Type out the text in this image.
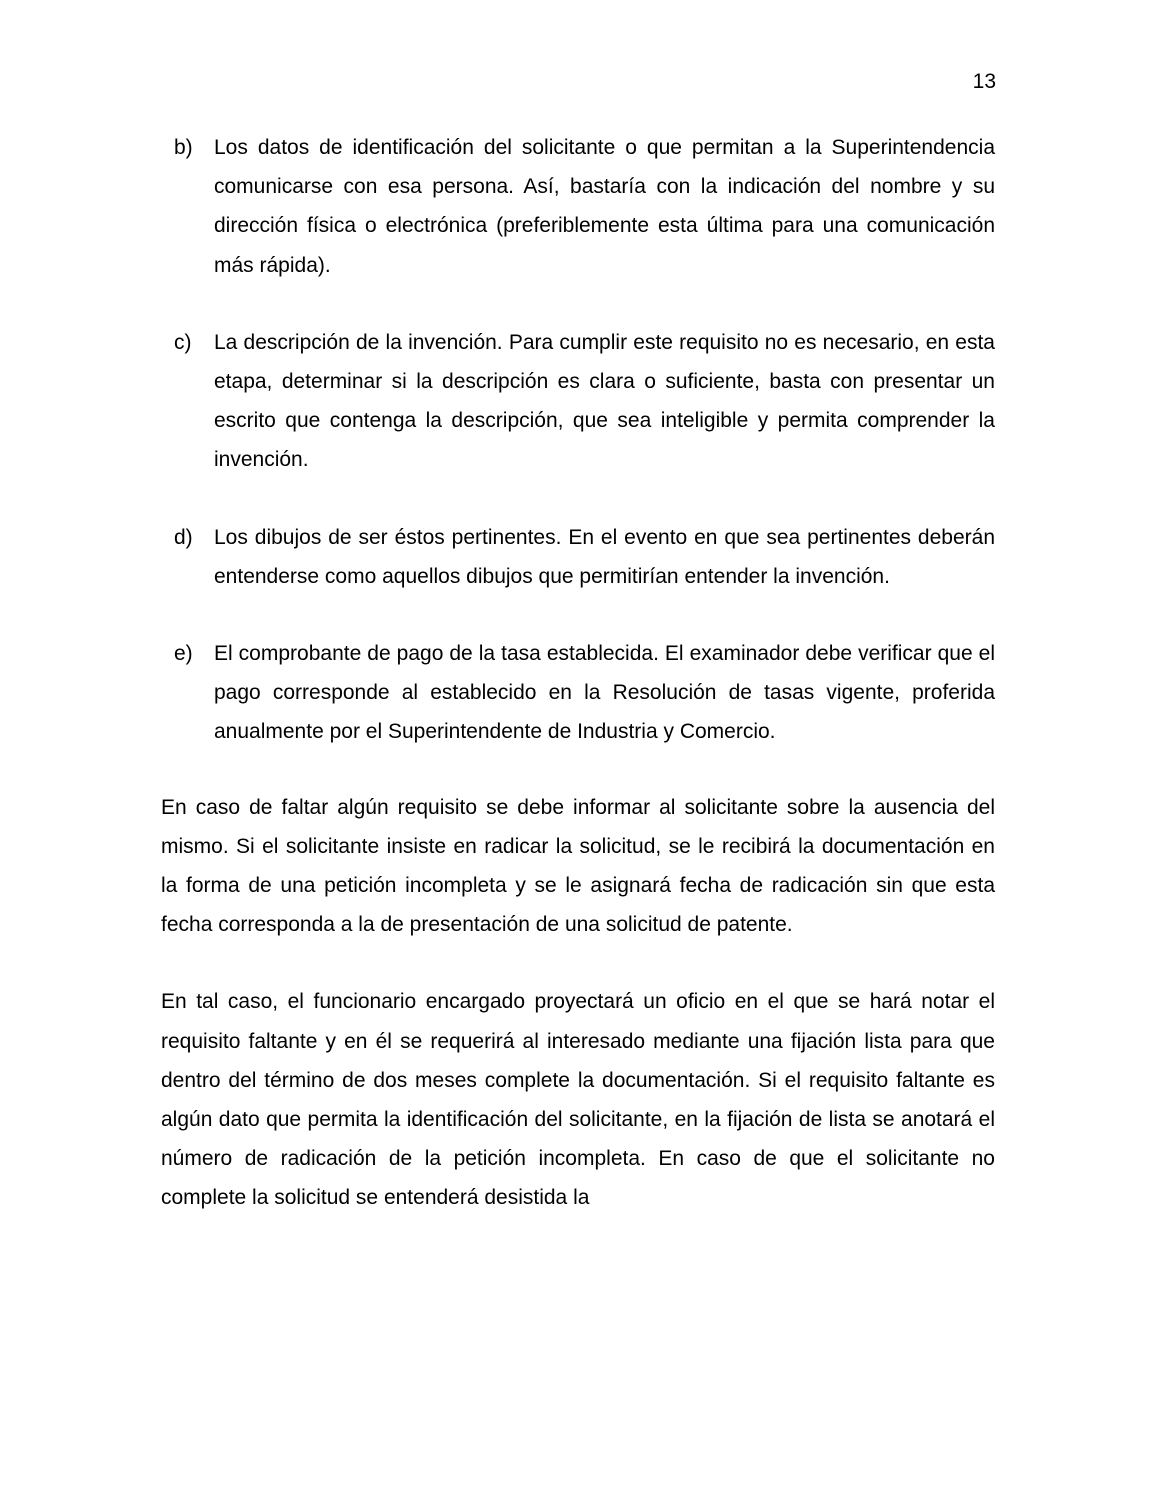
13
b) Los datos de identificación del solicitante o que permitan a la Superintendencia comunicarse con esa persona. Así, bastaría con la indicación del nombre y su dirección física o electrónica (preferiblemente esta última para una comunicación más rápida).
c) La descripción de la invención. Para cumplir este requisito no es necesario, en esta etapa, determinar si la descripción es clara o suficiente, basta con presentar un escrito que contenga la descripción, que sea inteligible y permita comprender la invención.
d) Los dibujos de ser éstos pertinentes. En el evento en que sea pertinentes deberán entenderse como aquellos dibujos que permitirían entender la invención.
e) El comprobante de pago de la tasa establecida. El examinador debe verificar que el pago corresponde al establecido en la Resolución de tasas vigente, proferida anualmente por el Superintendente de Industria y Comercio.

En caso de faltar algún requisito se debe informar al solicitante sobre la ausencia del mismo. Si el solicitante insiste en radicar la solicitud, se le recibirá la documentación en la forma de una petición incompleta y se le asignará fecha de radicación sin que esta fecha corresponda a la de presentación de una solicitud de patente.

En tal caso, el funcionario encargado proyectará un oficio en el que se hará notar el requisito faltante y en él se requerirá al interesado mediante una fijación lista para que dentro del término de dos meses complete la documentación. Si el requisito faltante es algún dato que permita la identificación del solicitante, en la fijación de lista se anotará el número de radicación de la petición incompleta. En caso de que el solicitante no complete la solicitud se entenderá desistida la
